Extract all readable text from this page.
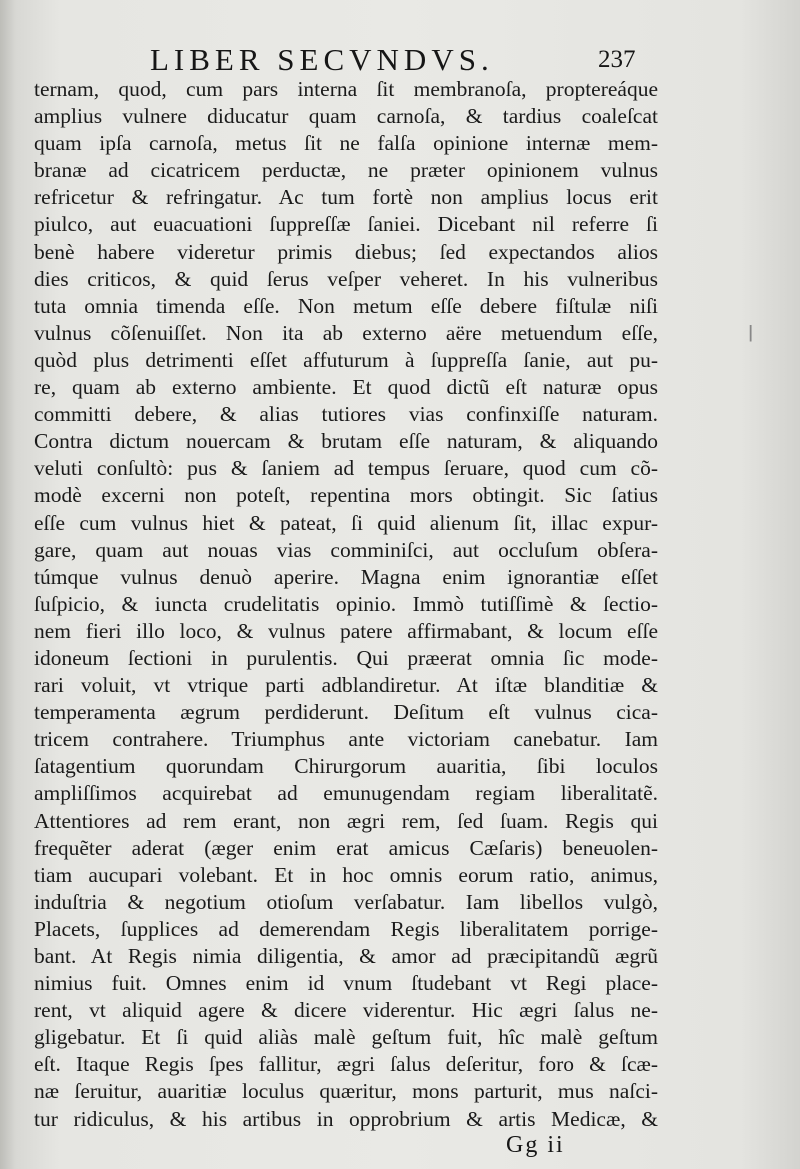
LIBER SECVNDVS.	237
ternam, quod, cum pars interna ſit membranoſa, proptereáque
amplius vulnere diducatur quam carnoſa, & tardius coaleſcat
quam ipſa carnoſa, metus ſit ne falſa opinione internæ mem-
branæ ad cicatricem perductæ, ne præter opinionem vulnus
refricetur & refringatur. Ac tum fortè non amplius locus erit
piulco, aut euacuationi ſuppreſſæ ſaniei. Dicebant nil referre ſi
benè habere videretur primis diebus; ſed expectandos alios
dies criticos, & quid ſerus veſper veheret. In his vulneribus
tuta omnia timenda eſſe. Non metum eſſe debere fiſtulæ niſi
vulnus cõſenuiſſet. Non ita ab externo aëre metuendum eſſe,
quòd plus detrimenti eſſet affuturum à ſuppreſſa ſanie, aut pu-
re, quam ab externo ambiente. Et quod dictũ eſt naturæ opus
committi debere, & alias tutiores vias confinxiſſe naturam.
Contra dictum nouercam & brutam eſſe naturam, & aliquando
veluti conſultò: pus & ſaniem ad tempus ſeruare, quod cum cõ-
modè excerni non poteſt, repentina mors obtingit. Sic ſatius
eſſe cum vulnus hiet & pateat, ſi quid alienum ſit, illac expur-
gare, quam aut nouas vias comminiſci, aut occluſum obſera-
túmque vulnus denuò aperire. Magna enim ignorantiæ eſſet
ſuſpicio, & iuncta crudelitatis opinio. Immò tutiſſimè & ſectio-
nem fieri illo loco, & vulnus patere affirmabant, & locum eſſe
idoneum ſectioni in purulentis. Qui præerat omnia ſic mode-
rari voluit, vt vtrique parti adblandiretur. At iſtæ blanditiæ &
temperamenta ægrum perdiderunt. Deſitum eſt vulnus cica-
tricem contrahere. Triumphus ante victoriam canebatur. Iam
ſatagentium quorundam Chirurgorum auaritia, ſibi loculos
ampliſſimos acquirebat ad emunugendam regiam liberalitatẽ.
Attentiores ad rem erant, non ægri rem, ſed ſuam. Regis qui
frequẽter aderat (æger enim erat amicus Cæſaris) beneuolen-
tiam aucupari volebant. Et in hoc omnis eorum ratio, animus,
induſtria & negotium otioſum verſabatur. Iam libellos vulgò,
Placets, ſupplices ad demerendam Regis liberalitatem porrige-
bant. At Regis nimia diligentia, & amor ad præcipitandũ ægrũ
nimius fuit. Omnes enim id vnum ſtudebant vt Regi place-
rent, vt aliquid agere & dicere viderentur. Hic ægri ſalus ne-
gligebatur. Et ſi quid aliàs malè geſtum fuit, hîc malè geſtum
eſt. Itaque Regis ſpes fallitur, ægri ſalus deſeritur, foro & ſcæ-
næ ſeruitur, auaritiæ loculus quæritur, mons parturit, mus naſci-
tur ridiculus, & his artibus in opprobrium & artis Medicæ, &
Gg ii
ǀ
